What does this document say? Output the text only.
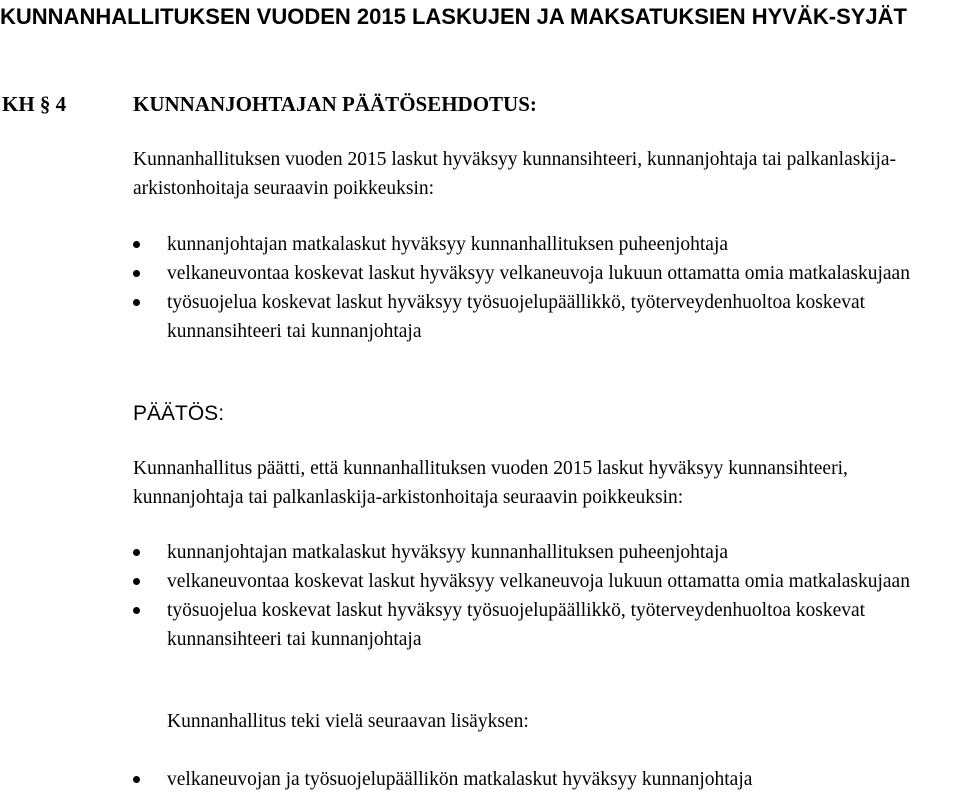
KUNNANHALLITUKSEN VUODEN 2015 LASKUJEN JA MAKSATUKSIEN HYVÄK-SYJÄT
KH § 4	KUNNANJOHTAJAN PÄÄTÖSEHDOTUS:

Kunnanhallituksen vuoden 2015 laskut hyväksyy kunnansihteeri, kunnanjohtaja tai palkanlaskija-arkistonhoitaja seuraavin poikkeuksin:

kunnanjohtajan matkalaskut hyväksyy kunnanhallituksen puheenjohtaja
velkaneuvontaa koskevat laskut hyväksyy velkaneuvoja lukuun ottamatta omia matkalaskujaan
työsuojelua koskevat laskut hyväksyy työsuojelupäällikkö, työterveydenhuoltoa koskevat kunnansihteeri tai kunnanjohtaja
PÄÄTÖS:

Kunnanhallitus päätti, että kunnanhallituksen vuoden 2015 laskut hyväksyy kunnansihteeri, kunnanjohtaja tai palkanlaskija-arkistonhoitaja seuraavin poikkeuksin:

kunnanjohtajan matkalaskut hyväksyy kunnanhallituksen puheenjohtaja
velkaneuvontaa koskevat laskut hyväksyy velkaneuvoja lukuun ottamatta omia matkalaskujaan
työsuojelua koskevat laskut hyväksyy työsuojelupäällikkö, työterveydenhuoltoa koskevat kunnansihteeri tai kunnanjohtaja

Kunnanhallitus teki vielä seuraavan lisäyksen:

velkaneuvojan ja työsuojelupäällikön matkalaskut hyväksyy kunnanjohtaja
